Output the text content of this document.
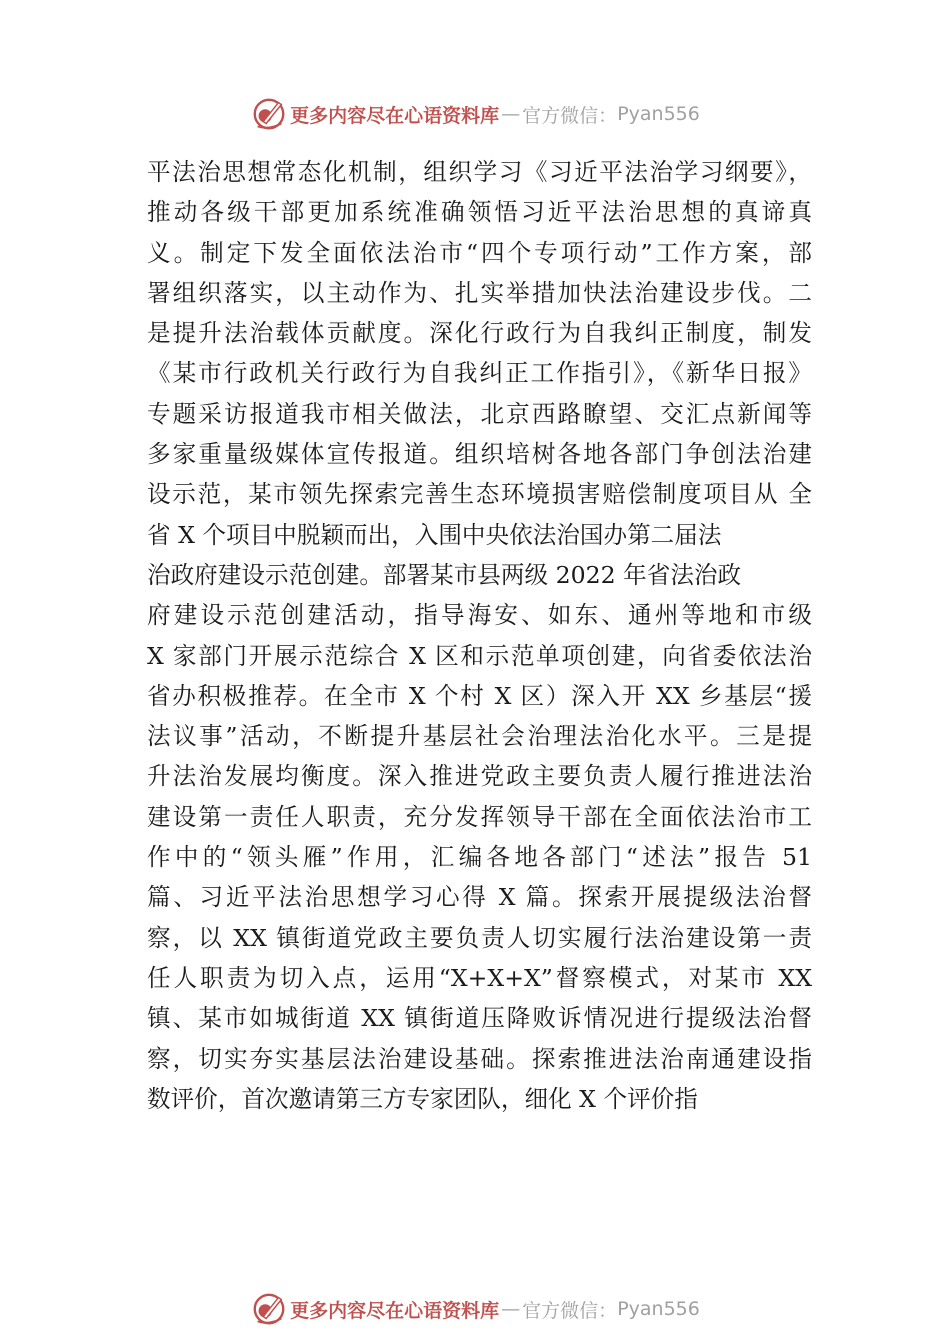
更多内容尽在心语资料库 — 官方微信： Pyan556
平法治思想常态化机制，组织学习《习近平法治学习纲要》，
推动各级干部更加系统准确领悟习近平法治思想的真谛真
义。制定下发全面依法治市“四个专项行动”工作方案，部
署组织落实，以主动作为、扎实举措加快法治建设步伐。二
是提升法治载体贡献度。深化行政行为自我纠正制度，制发
《某市行政机关行政行为自我纠正工作指引》，《新华日报》
专题采访报道我市相关做法，北京西路瞭望、交汇点新闻等
多家重量级媒体宣传报道。组织培树各地各部门争创法治建
设示范，某市领先探索完善生态环境损害赔偿制度项目从 全
省 X 个项目中脱颖而出，入围中央依法治国办第二届法
治政府建设示范创建。部署某市县两级 2022 年省法治政
府建设示范创建活动，指导海安、如东、通州等地和市级
X 家部门开展示范综合 X 区和示范单项创建，向省委依法治
省办积极推荐。在全市 X 个村 X 区）深入开 XX 乡基层“援
法议事”活动，不断提升基层社会治理法治化水平。三是提
升法治发展均衡度。深入推进党政主要负责人履行推进法治
建设第一责任人职责，充分发挥领导干部在全面依法治市工
作中的“领头雁”作用，汇编各地各部门“述法”报告 51
篇、习近平法治思想学习心得 X 篇。探索开展提级法治督
察，以 XX 镇街道党政主要负责人切实履行法治建设第一责
任人职责为切入点，运用“X+X+X”督察模式，对某市 XX
镇、某市如城街道 XX 镇街道压降败诉情况进行提级法治督
察，切实夯实基层法治建设基础。探索推进法治南通建设指
数评价，首次邀请第三方专家团队，细化 X 个评价指
更多内容尽在心语资料库 — 官方微信： Pyan556
